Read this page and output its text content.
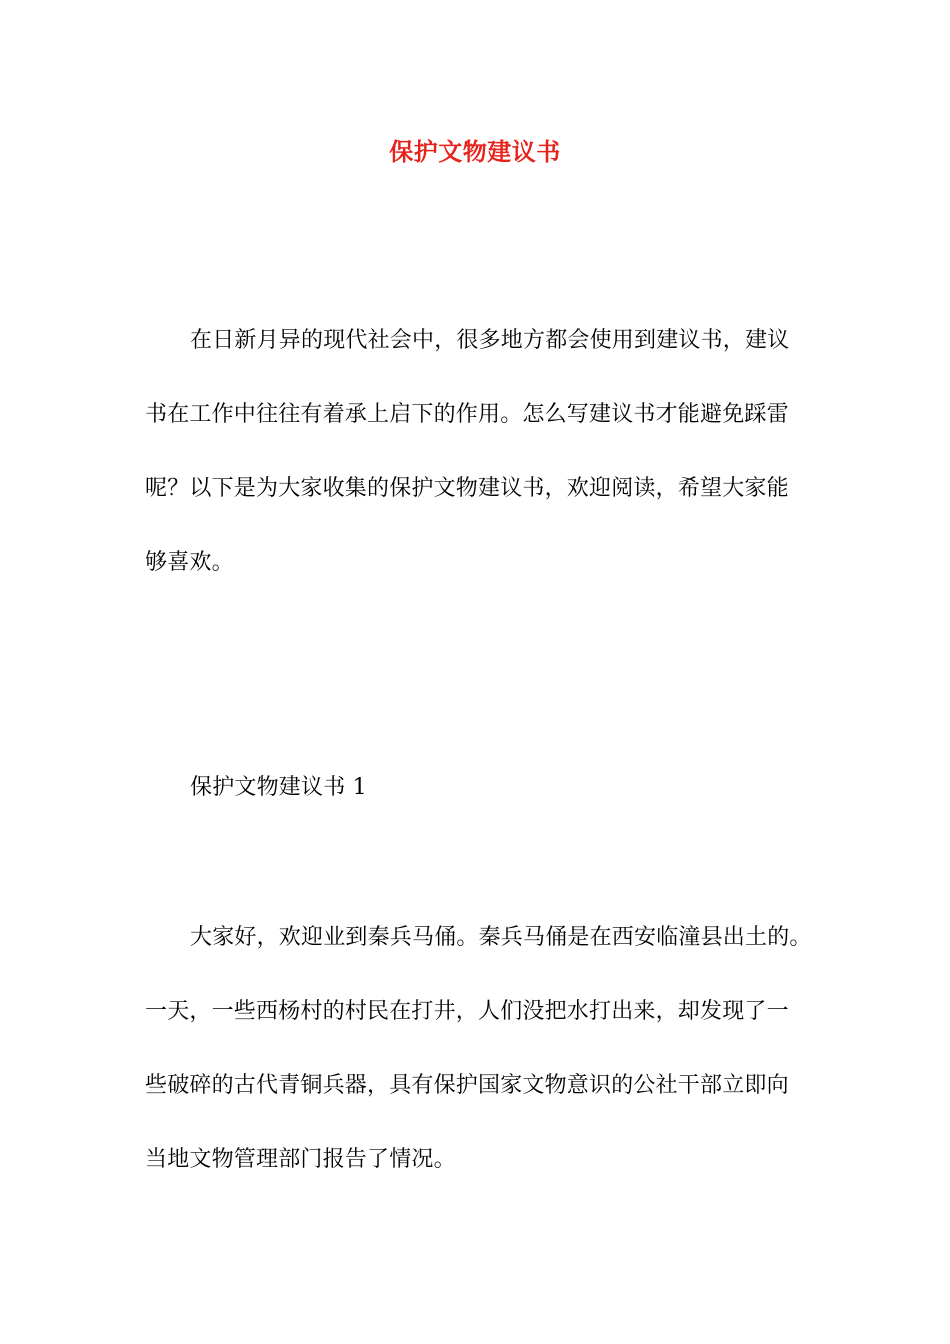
保护文物建议书
在日新月异的现代社会中，很多地方都会使用到建议书，建议
书在工作中往往有着承上启下的作用。怎么写建议书才能避免踩雷
呢？以下是为大家收集的保护文物建议书，欢迎阅读，希望大家能
够喜欢。
保护文物建议书 1
大家好，欢迎业到秦兵马俑。秦兵马俑是在西安临潼县出土的。
一天，一些西杨村的村民在打井，人们没把水打出来，却发现了一
些破碎的古代青铜兵器，具有保护国家文物意识的公社干部立即向
当地文物管理部门报告了情况。
